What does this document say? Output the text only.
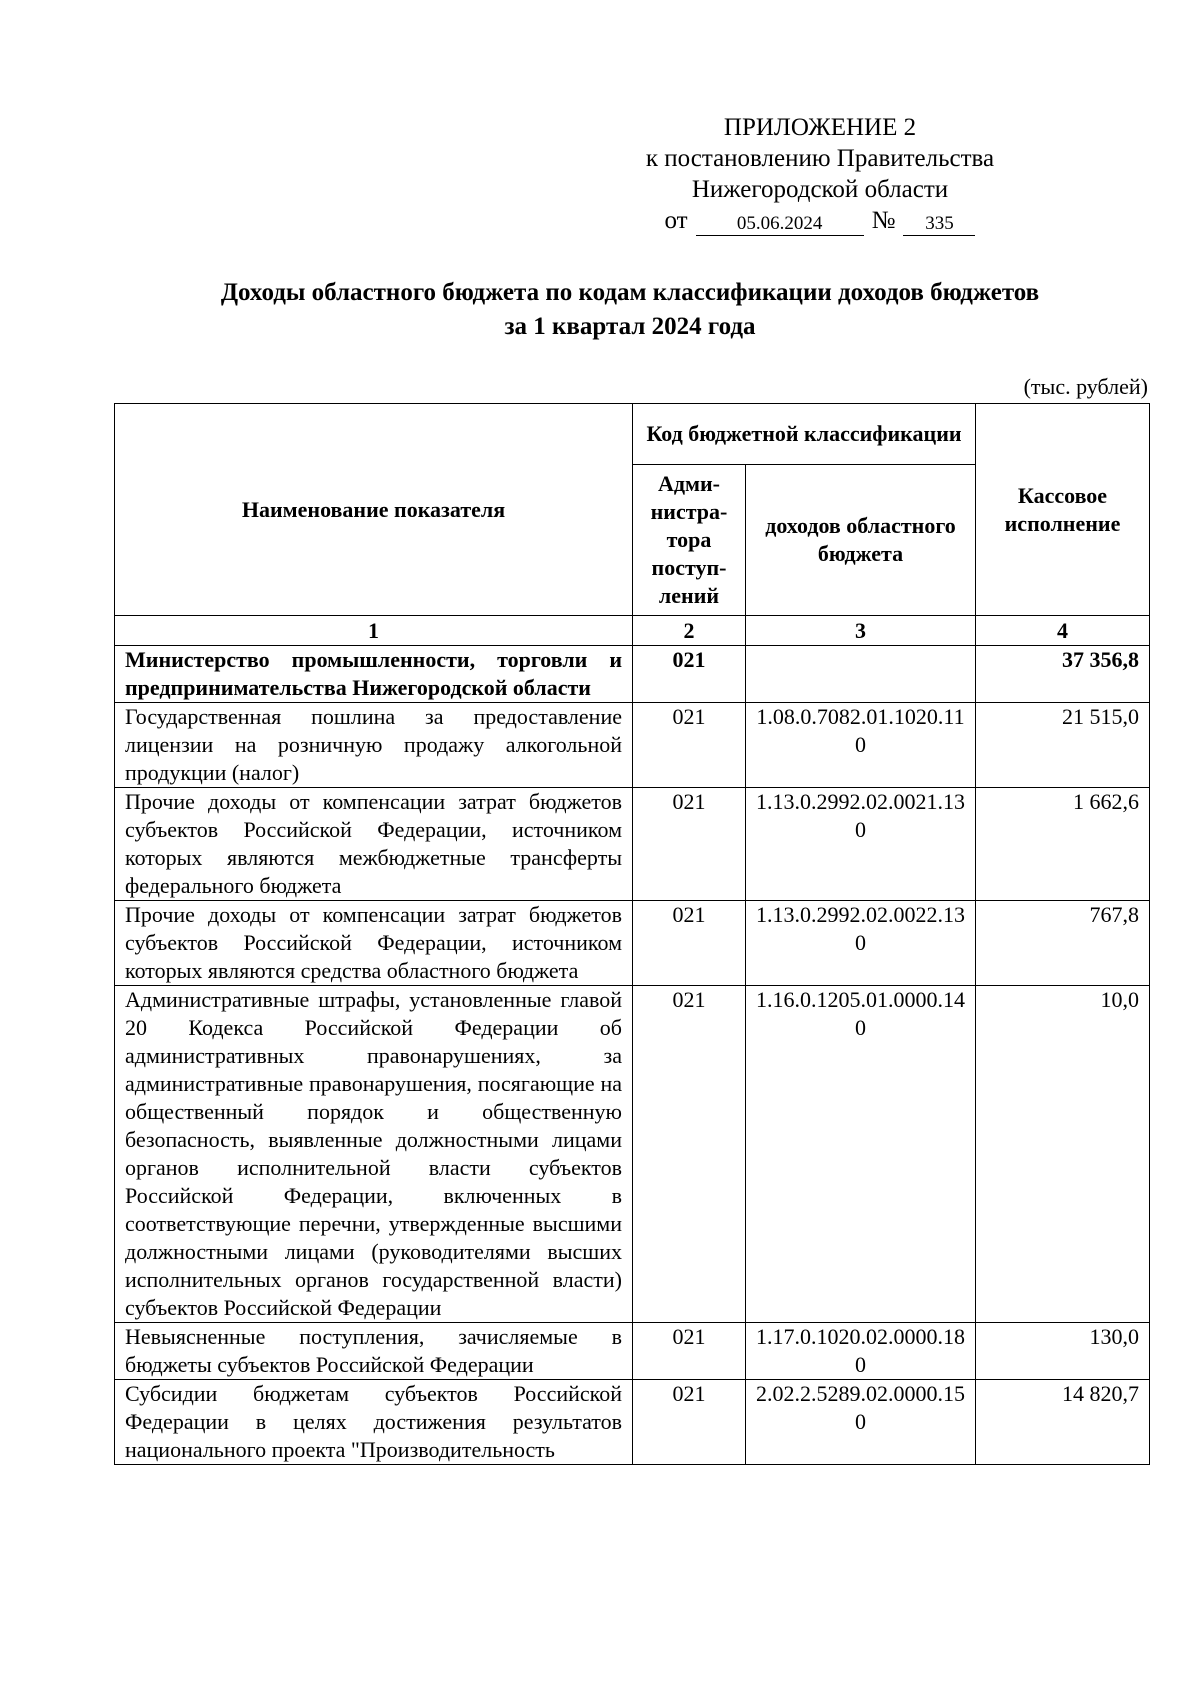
ПРИЛОЖЕНИЕ 2
к постановлению Правительства
Нижегородской области
от	05.06.2024	№	335
Доходы областного бюджета по кодам классификации доходов бюджетов
за 1 квартал 2024 года
(тыс. рублей)
Наименование показателя	Код бюджетной классификации		Кассовое исполнение
	Адми-нистра-тора поступ-лений	доходов областного бюджета	
1	2	3	4
Министерство промышленности, торговли и предпринимательства Нижегородской области	021		37 356,8
Государственная пошлина за предоставление лицензии на розничную продажу алкогольной продукции (налог)	021	1.08.0.7082.01.1020.110	21 515,0
Прочие доходы от компенсации затрат бюджетов субъектов Российской Федерации, источником которых являются межбюджетные трансферты федерального бюджета	021	1.13.0.2992.02.0021.130	1 662,6
Прочие доходы от компенсации затрат бюджетов субъектов Российской Федерации, источником которых являются средства областного бюджета	021	1.13.0.2992.02.0022.130	767,8
Административные штрафы, установленные главой 20 Кодекса Российской Федерации об административных правонарушениях, за административные правонарушения, посягающие на общественный порядок и общественную безопасность, выявленные должностными лицами органов исполнительной власти субъектов Российской Федерации, включенных в соответствующие перечни, утвержденные высшими должностными лицами (руководителями высших исполнительных органов государственной власти) субъектов Российской Федерации	021	1.16.0.1205.01.0000.140	10,0
Невыясненные поступления, зачисляемые в бюджеты субъектов Российской Федерации	021	1.17.0.1020.02.0000.180	130,0
Субсидии бюджетам субъектов Российской Федерации в целях достижения результатов национального проекта "Производительность	021	2.02.2.5289.02.0000.150	14 820,7
